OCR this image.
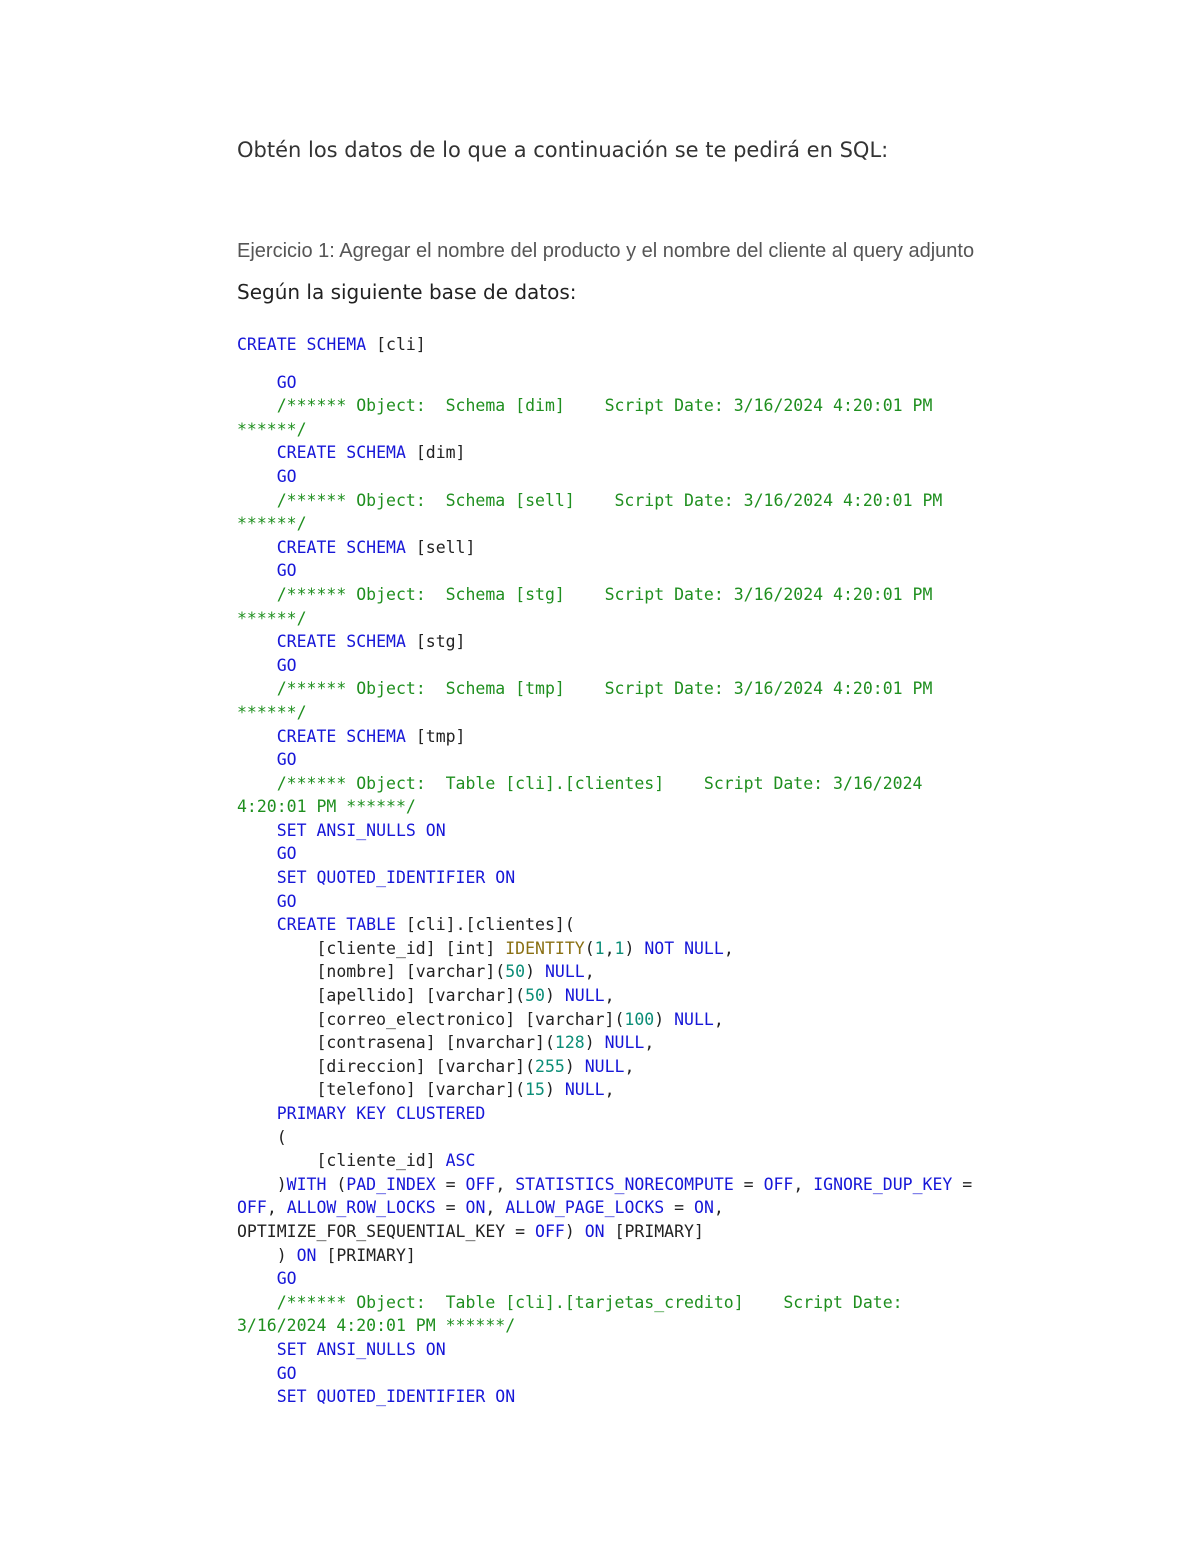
Obtén los datos de lo que a continuación se te pedirá en SQL:

Ejercicio 1: Agregar el nombre del producto y el nombre del cliente al query adjunto

Según la siguiente base de datos:

CREATE SCHEMA [cli]
GO
/****** Object:  Schema [dim]    Script Date: 3/16/2024 4:20:01 PM
******/
CREATE SCHEMA [dim]
GO
/****** Object:  Schema [sell]    Script Date: 3/16/2024 4:20:01 PM
******/
CREATE SCHEMA [sell]
GO
/****** Object:  Schema [stg]    Script Date: 3/16/2024 4:20:01 PM
******/
CREATE SCHEMA [stg]
GO
/****** Object:  Schema [tmp]    Script Date: 3/16/2024 4:20:01 PM
******/
CREATE SCHEMA [tmp]
GO
/****** Object:  Table [cli].[clientes]    Script Date: 3/16/2024
4:20:01 PM ******/
SET ANSI_NULLS ON
GO
SET QUOTED_IDENTIFIER ON
GO
CREATE TABLE [cli].[clientes](
[cliente_id] [int] IDENTITY(1,1) NOT NULL,
[nombre] [varchar](50) NULL,
[apellido] [varchar](50) NULL,
[correo_electronico] [varchar](100) NULL,
[contrasena] [nvarchar](128) NULL,
[direccion] [varchar](255) NULL,
[telefono] [varchar](15) NULL,
PRIMARY KEY CLUSTERED
(
[cliente_id] ASC
)WITH (PAD_INDEX = OFF, STATISTICS_NORECOMPUTE = OFF, IGNORE_DUP_KEY =
OFF, ALLOW_ROW_LOCKS = ON, ALLOW_PAGE_LOCKS = ON,
OPTIMIZE_FOR_SEQUENTIAL_KEY = OFF) ON [PRIMARY]
) ON [PRIMARY]
GO
/****** Object:  Table [cli].[tarjetas_credito]    Script Date:
3/16/2024 4:20:01 PM ******/
SET ANSI_NULLS ON
GO
SET QUOTED_IDENTIFIER ON
